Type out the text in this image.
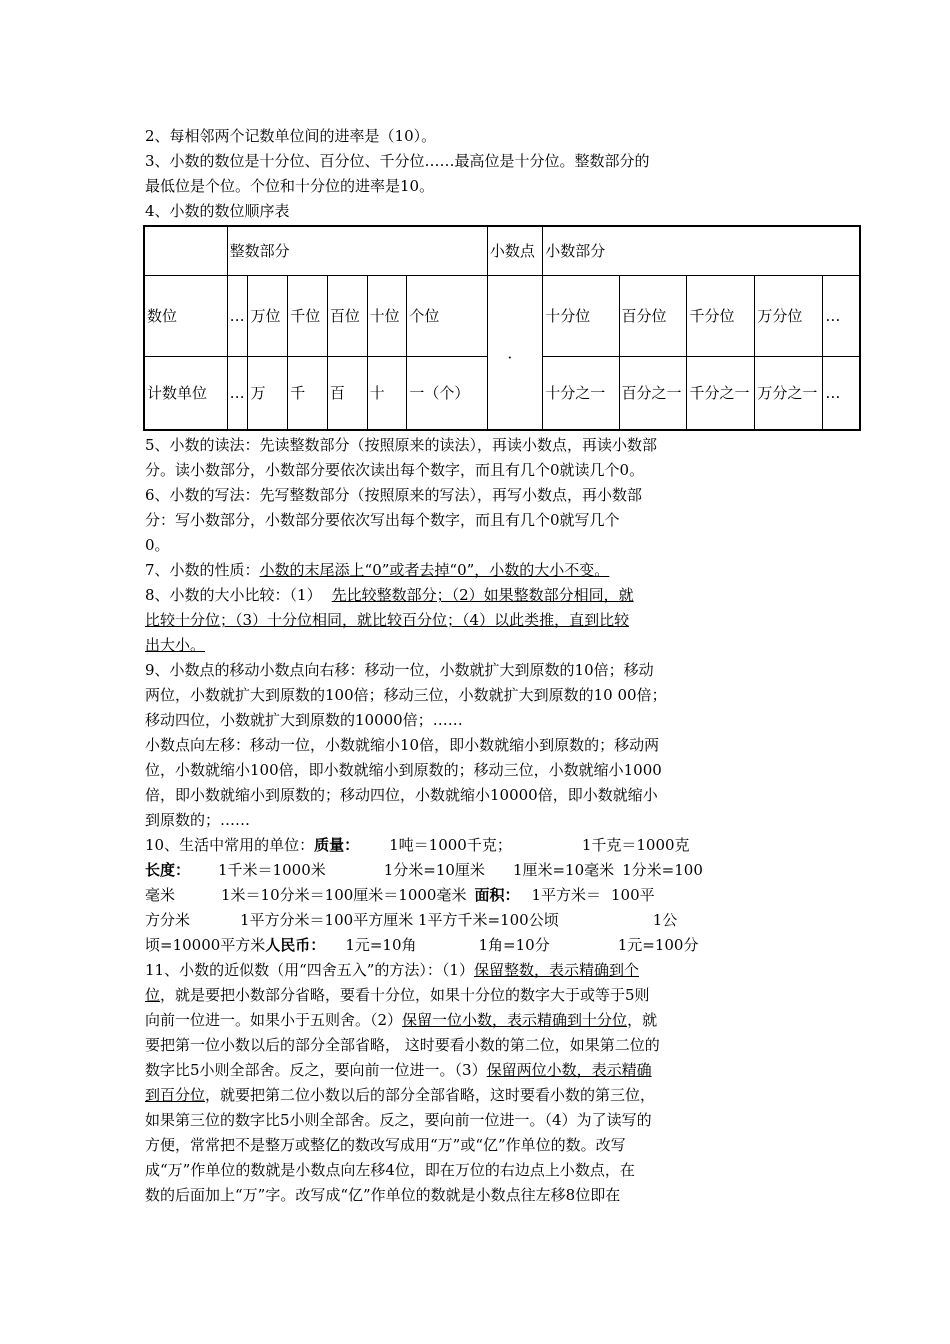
2、每相邻两个记数单位间的进率是（10）。
3、小数的数位是十分位、百分位、千分位……最高位是十分位。整数部分的
最低位是个位。个位和十分位的进率是10。
4、小数的数位顺序表
	整数部分						小数点	小数部分				
数位	…	万位	千位	百位	十位	个位	．	十分位	百分位	千分位	万分位	…
计数单位	…	万	千	百	十	一（个）		十分之一	百分之一	千分之一	万分之一	…
5、小数的读法：先读整数部分（按照原来的读法），再读小数点，再读小数部
分。读小数部分，小数部分要依次读出每个数字，而且有几个0就读几个0。
6、小数的写法：先写整数部分（按照原来的写法），再写小数点，再小数部
分：写小数部分，小数部分要依次写出每个数字，而且有几个0就写几个
0。
7、小数的性质：小数的末尾添上“0”或者去掉“0”，小数的大小不变。
8、小数的大小比较：（1） 先比较整数部分；（2）如果整数部分相同，就
比较十分位；（3）十分位相同，就比较百分位；（4）以此类推，直到比较
出大小。
9、小数点的移动小数点向右移：移动一位，小数就扩大到原数的10倍；移动
两位，小数就扩大到原数的100倍；移动三位，小数就扩大到原数的10 00倍；
移动四位，小数就扩大到原数的10000倍；……
小数点向左移：移动一位，小数就缩小10倍，即小数就缩小到原数的；移动两
位，小数就缩小100倍，即小数就缩小到原数的；移动三位，小数就缩小1000
倍，即小数就缩小到原数的；移动四位，小数就缩小10000倍，即小数就缩小
到原数的；……
10、生活中常用的单位：质量： 1吨＝1000千克；	1千克＝1000克
长度： 1千米＝1000米	1分米=10厘米 1厘米=10毫米 1分米=100
毫米	1米＝10分米＝100厘米＝1000毫米 面积： 1平方米＝ 100平
方分米	1平方分米＝100平方厘米 1平方千米=100公顷	1公
顷=10000平方米人民币： 1元=10角	1角=10分	1元=100分
11、小数的近似数（用“四舍五入”的方法）：（1）保留整数，表示精确到个
位，就是要把小数部分省略，要看十分位，如果十分位的数字大于或等于5则
向前一位进一。如果小于五则舍。（2）保留一位小数，表示精确到十分位，就
要把第一位小数以后的部分全部省略， 这时要看小数的第二位，如果第二位的
数字比5小则全部舍。反之，要向前一位进一。（3）保留两位小数，表示精确
到百分位，就要把第二位小数以后的部分全部省略，这时要看小数的第三位，
如果第三位的数字比5小则全部舍。反之，要向前一位进一。（4）为了读写的
方便，常常把不是整万或整亿的数改写成用“万”或“亿”作单位的数。改写
成“万”作单位的数就是小数点向左移4位，即在万位的右边点上小数点，在
数的后面加上“万”字。改写成“亿”作单位的数就是小数点往左移8位即在
